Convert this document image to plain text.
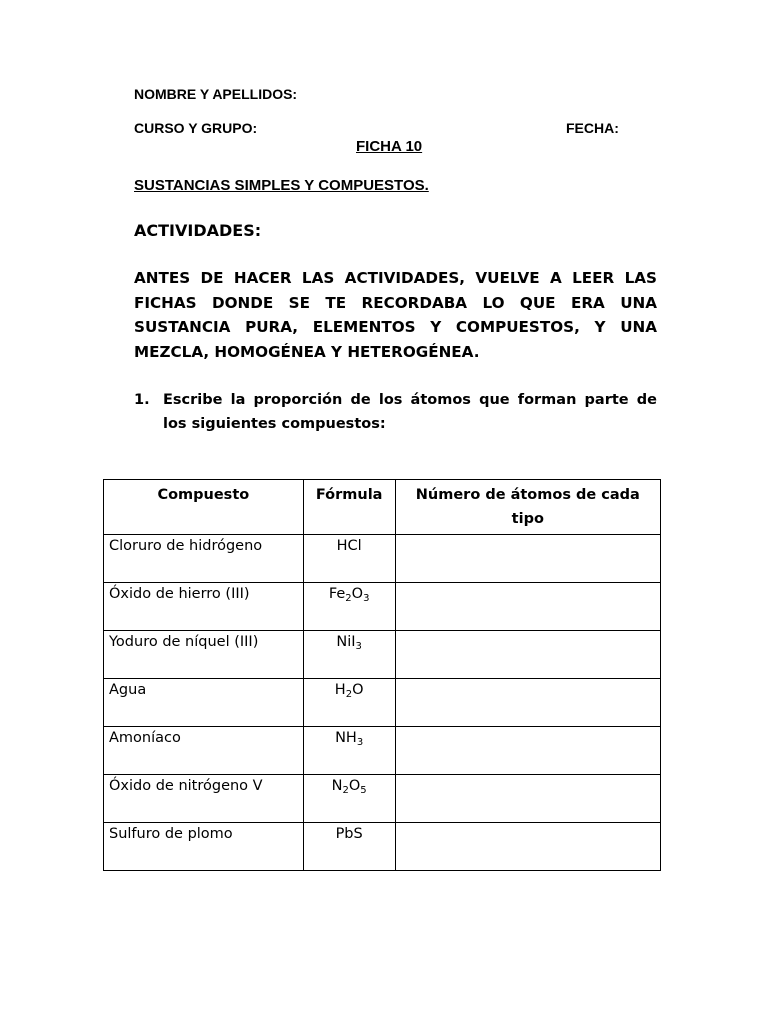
NOMBRE Y APELLIDOS:
CURSO Y GRUPO:	FECHA:
FICHA 10
SUSTANCIAS SIMPLES Y COMPUESTOS.
ACTIVIDADES:
ANTES DE HACER LAS ACTIVIDADES, VUELVE A LEER LAS FICHAS DONDE SE TE RECORDABA LO QUE ERA UNA SUSTANCIA PURA, ELEMENTOS Y COMPUESTOS, Y UNA MEZCLA, HOMOGÉNEA Y HETEROGÉNEA.
1. Escribe la proporción de los átomos que forman parte de los siguientes compuestos:
Compuesto	Fórmula	Número de átomos de cada tipo
Cloruro de hidrógeno	HCl	
Óxido de hierro (III)	$Fe_2O_3$	
Yoduro de níquel (III)	NiI$_3$	
Agua	$H_2O$	
Amoníaco	$NH_3$	
Óxido de nitrógeno V	$N_2O_5$	
Sulfuro de plomo	PbS	
